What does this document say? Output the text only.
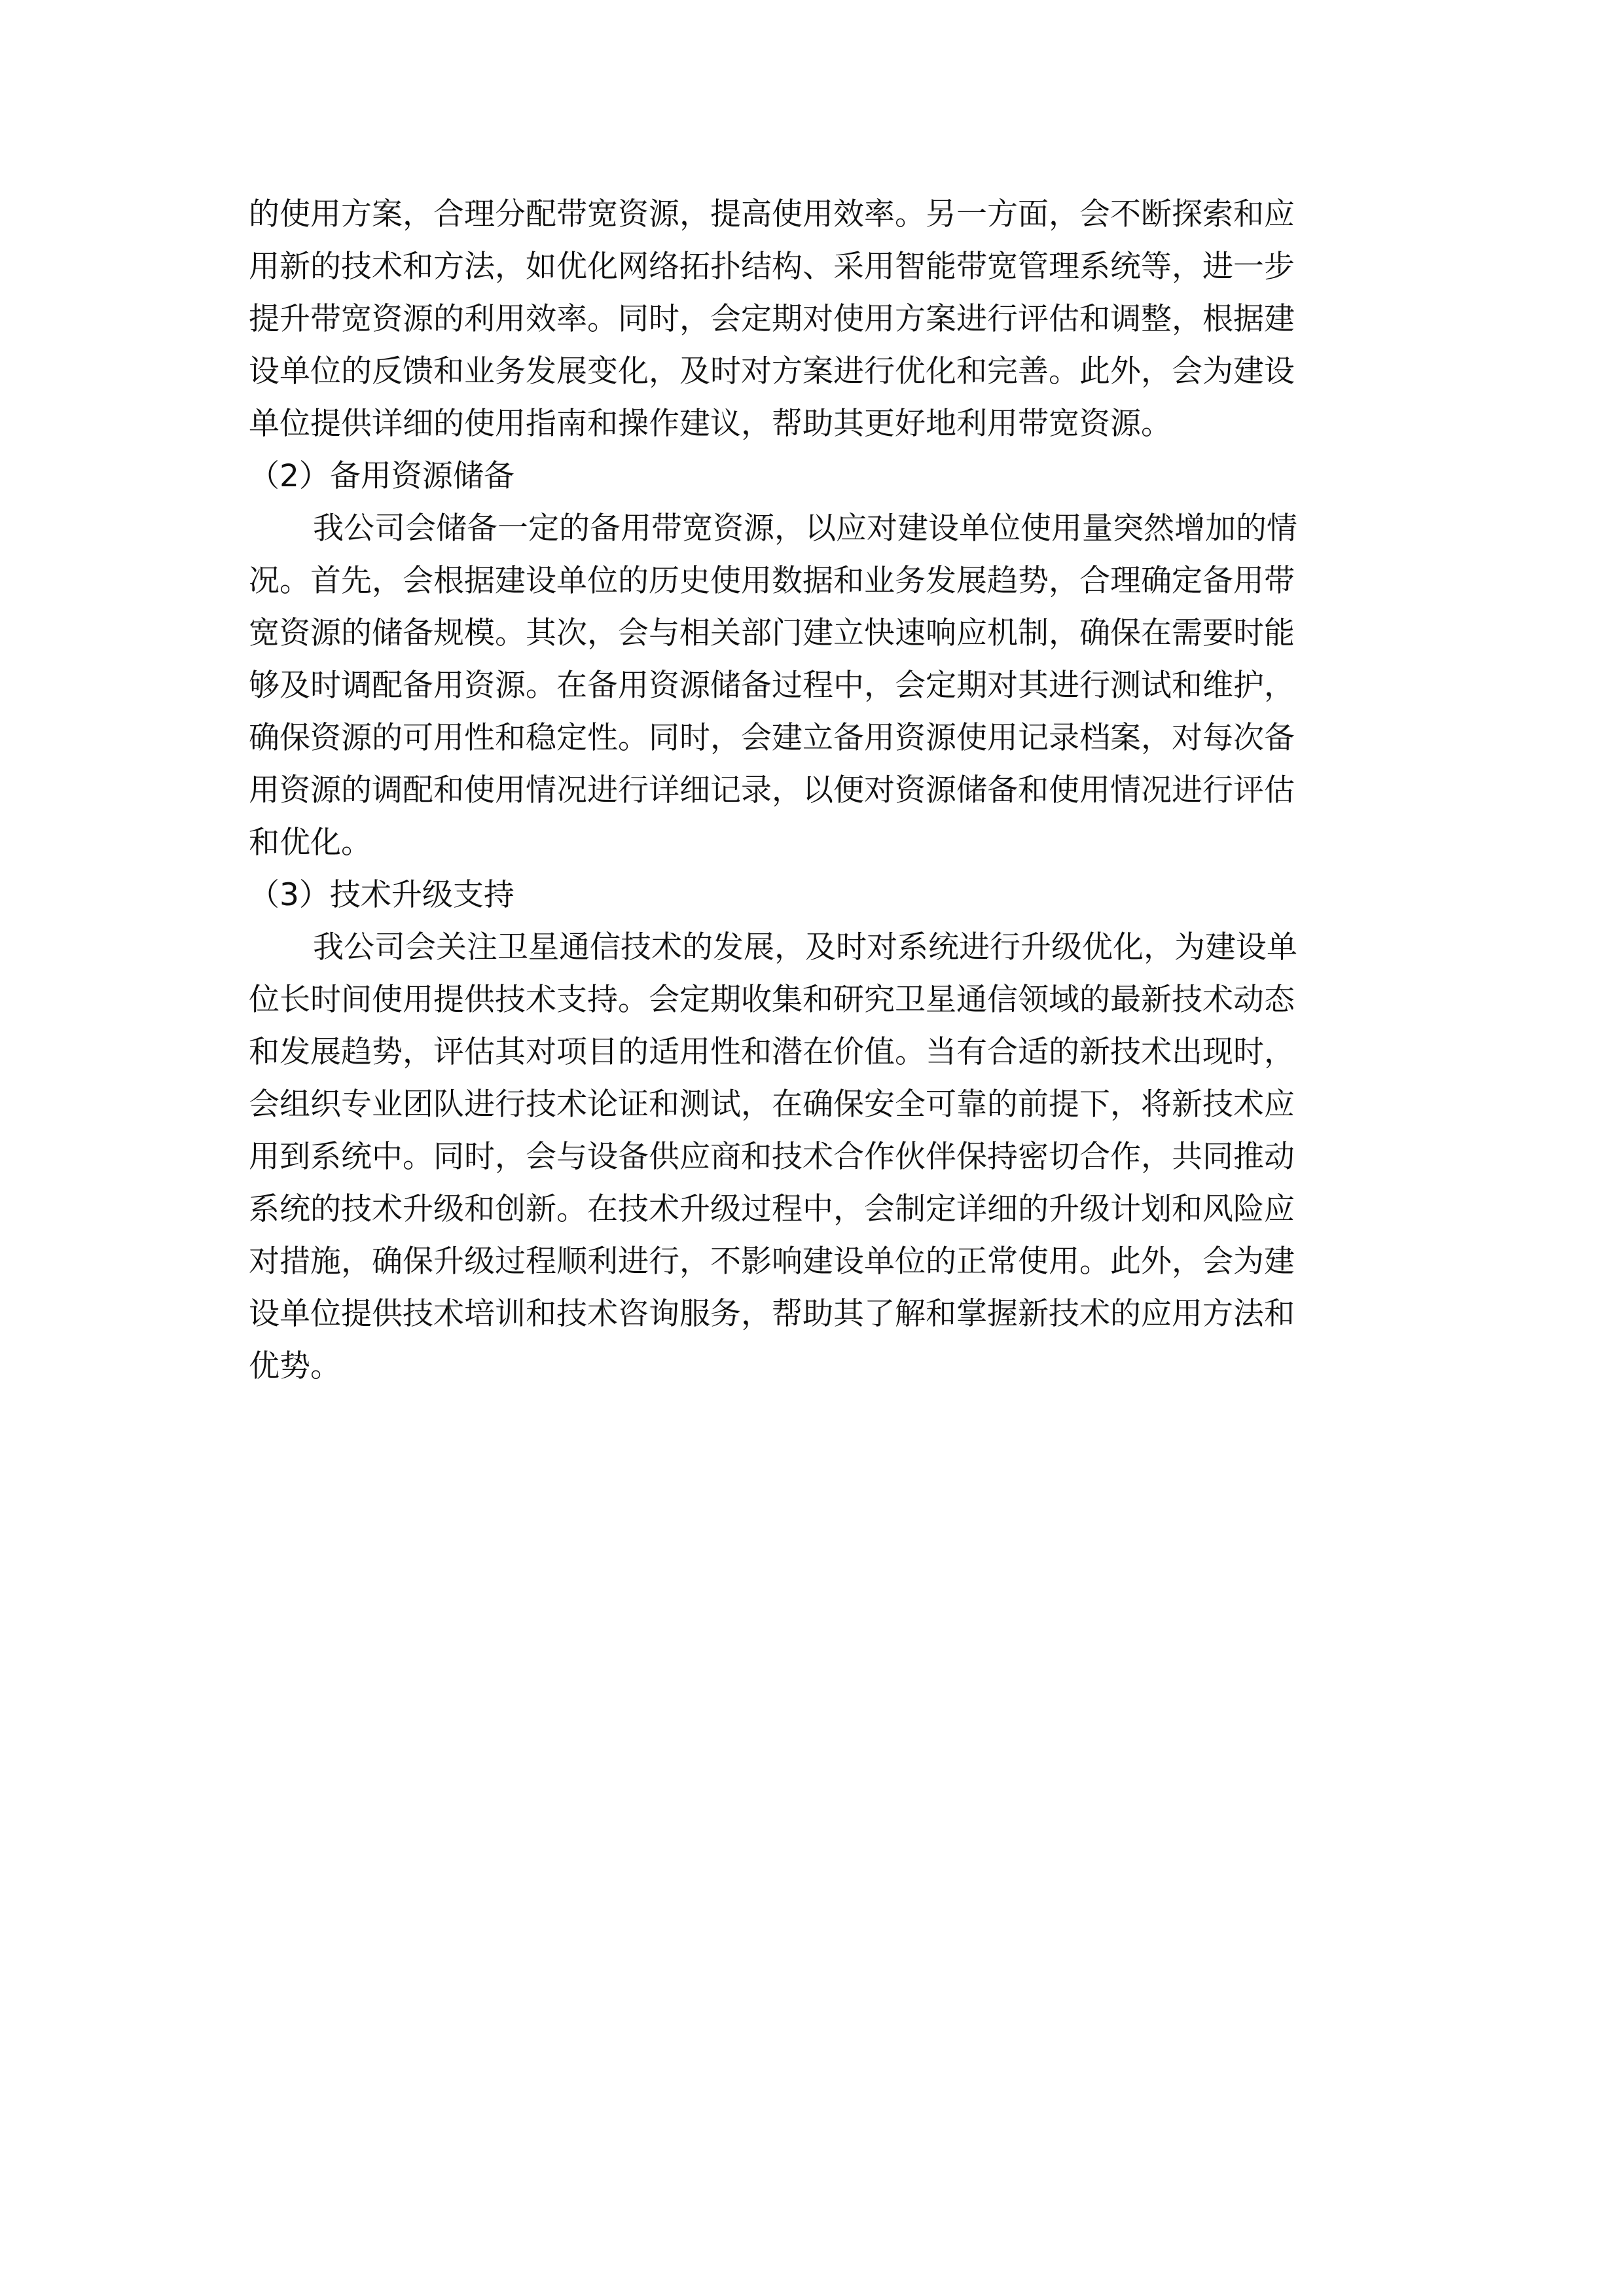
的使用方案，合理分配带宽资源，提高使用效率。另一方面，会不断探索和应
用新的技术和方法，如优化网络拓扑结构、采用智能带宽管理系统等，进一步
提升带宽资源的利用效率。同时，会定期对使用方案进行评估和调整，根据建
设单位的反馈和业务发展变化，及时对方案进行优化和完善。此外，会为建设
单位提供详细的使用指南和操作建议，帮助其更好地利用带宽资源。
（2）备用资源储备
我公司会储备一定的备用带宽资源，以应对建设单位使用量突然增加的情
况。首先，会根据建设单位的历史使用数据和业务发展趋势，合理确定备用带
宽资源的储备规模。其次，会与相关部门建立快速响应机制，确保在需要时能
够及时调配备用资源。在备用资源储备过程中，会定期对其进行测试和维护，
确保资源的可用性和稳定性。同时，会建立备用资源使用记录档案，对每次备
用资源的调配和使用情况进行详细记录，以便对资源储备和使用情况进行评估
和优化。
（3）技术升级支持
我公司会关注卫星通信技术的发展，及时对系统进行升级优化，为建设单
位长时间使用提供技术支持。会定期收集和研究卫星通信领域的最新技术动态
和发展趋势，评估其对项目的适用性和潜在价值。当有合适的新技术出现时，
会组织专业团队进行技术论证和测试，在确保安全可靠的前提下，将新技术应
用到系统中。同时，会与设备供应商和技术合作伙伴保持密切合作，共同推动
系统的技术升级和创新。在技术升级过程中，会制定详细的升级计划和风险应
对措施，确保升级过程顺利进行，不影响建设单位的正常使用。此外，会为建
设单位提供技术培训和技术咨询服务，帮助其了解和掌握新技术的应用方法和
优势。
